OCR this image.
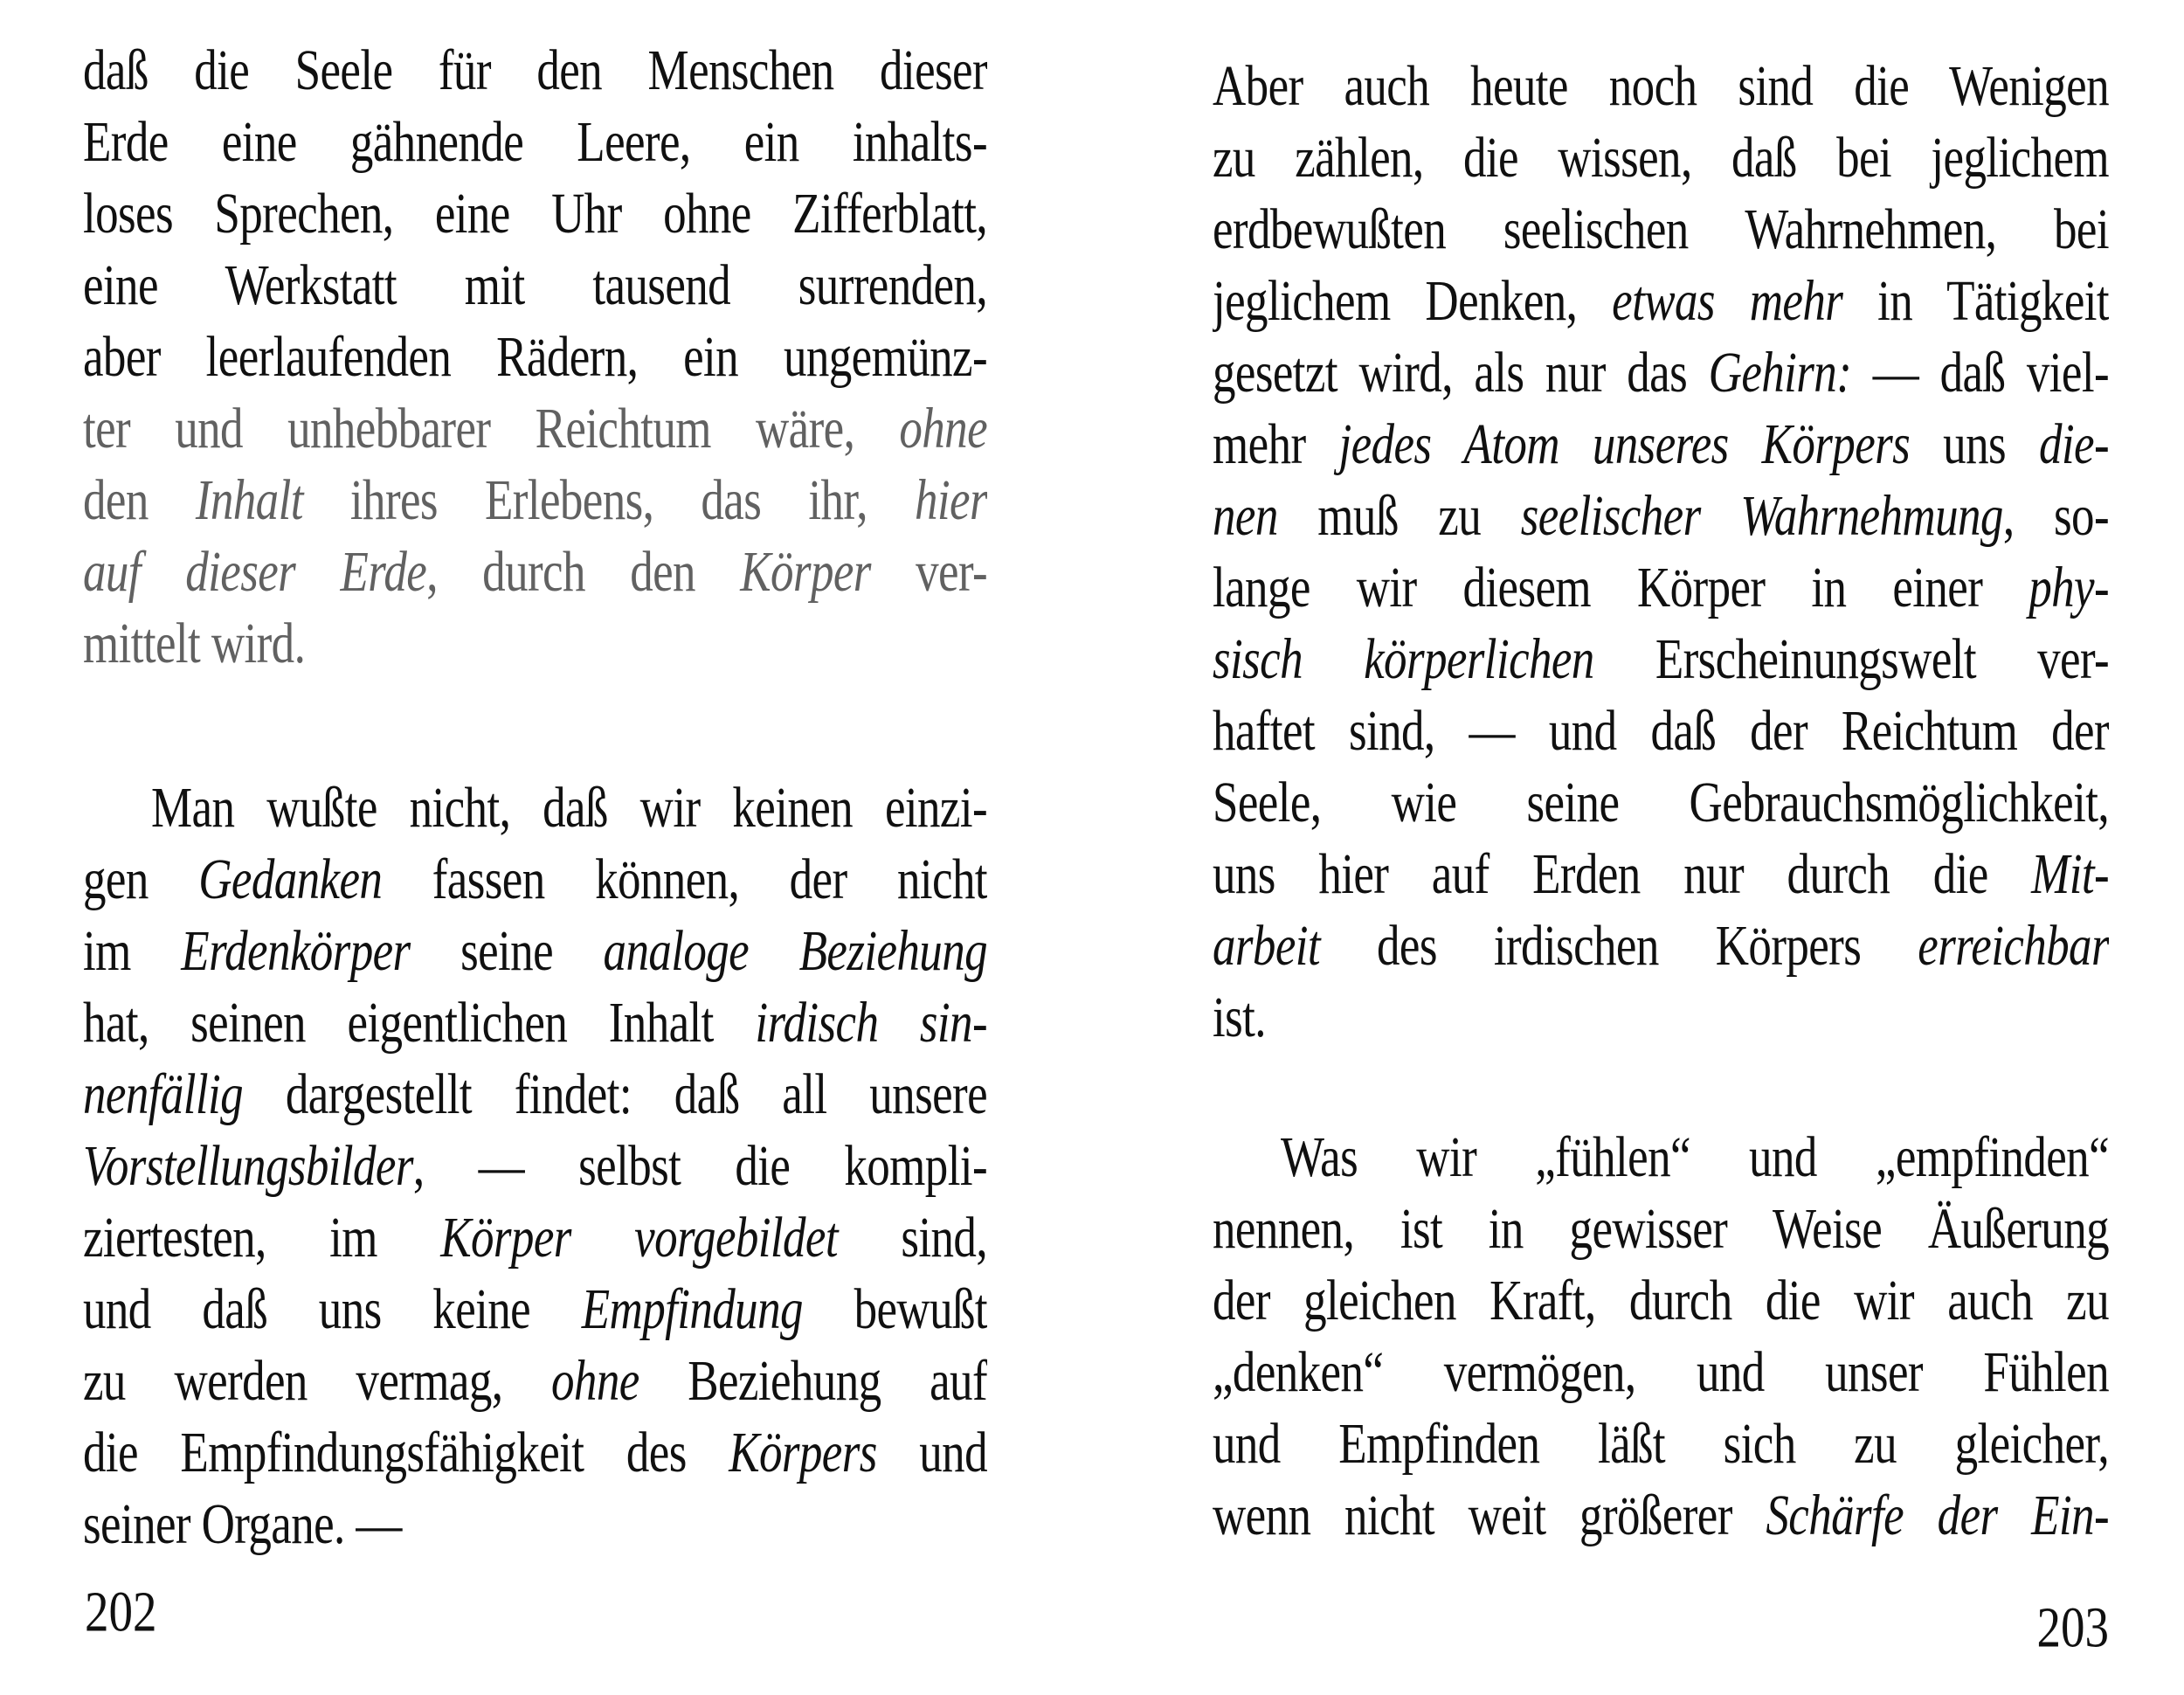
daß die Seele für den Menschen dieser
Erde eine gähnende Leere, ein inhalts-
loses Sprechen, eine Uhr ohne Zifferblatt,
eine Werkstatt mit tausend surrenden,
aber leerlaufenden Rädern, ein ungemünz-
ter und unhebbarer Reichtum wäre, ohne
den Inhalt ihres Erlebens, das ihr, hier
auf dieser Erde, durch den Körper ver-
mittelt wird.
Man wußte nicht, daß wir keinen einzi-
gen Gedanken fassen können, der nicht
im Erdenkörper seine analoge Beziehung
hat, seinen eigentlichen Inhalt irdisch sin-
nenfällig dargestellt findet: daß all unsere
Vorstellungsbilder, — selbst die kompli-
ziertesten, im Körper vorgebildet sind,
und daß uns keine Empfindung bewußt
zu werden vermag, ohne Beziehung auf
die Empfindungsfähigkeit des Körpers und
seiner Organe. —
Aber auch heute noch sind die Wenigen
zu zählen, die wissen, daß bei jeglichem
erdbewußten seelischen Wahrnehmen, bei
jeglichem Denken, etwas mehr in Tätigkeit
gesetzt wird, als nur das Gehirn: — daß viel-
mehr jedes Atom unseres Körpers uns die-
nen muß zu seelischer Wahrnehmung, so-
lange wir diesem Körper in einer phy-
sisch körperlichen Erscheinungswelt ver-
haftet sind, — und daß der Reichtum der
Seele, wie seine Gebrauchsmöglichkeit,
uns hier auf Erden nur durch die Mit-
arbeit des irdischen Körpers erreichbar
ist.
Was wir „fühlen“ und „empfinden“
nennen, ist in gewisser Weise Äußerung
der gleichen Kraft, durch die wir auch zu
„denken“ vermögen, und unser Fühlen
und Empfinden läßt sich zu gleicher,
wenn nicht weit größerer Schärfe der Ein-
202	203
